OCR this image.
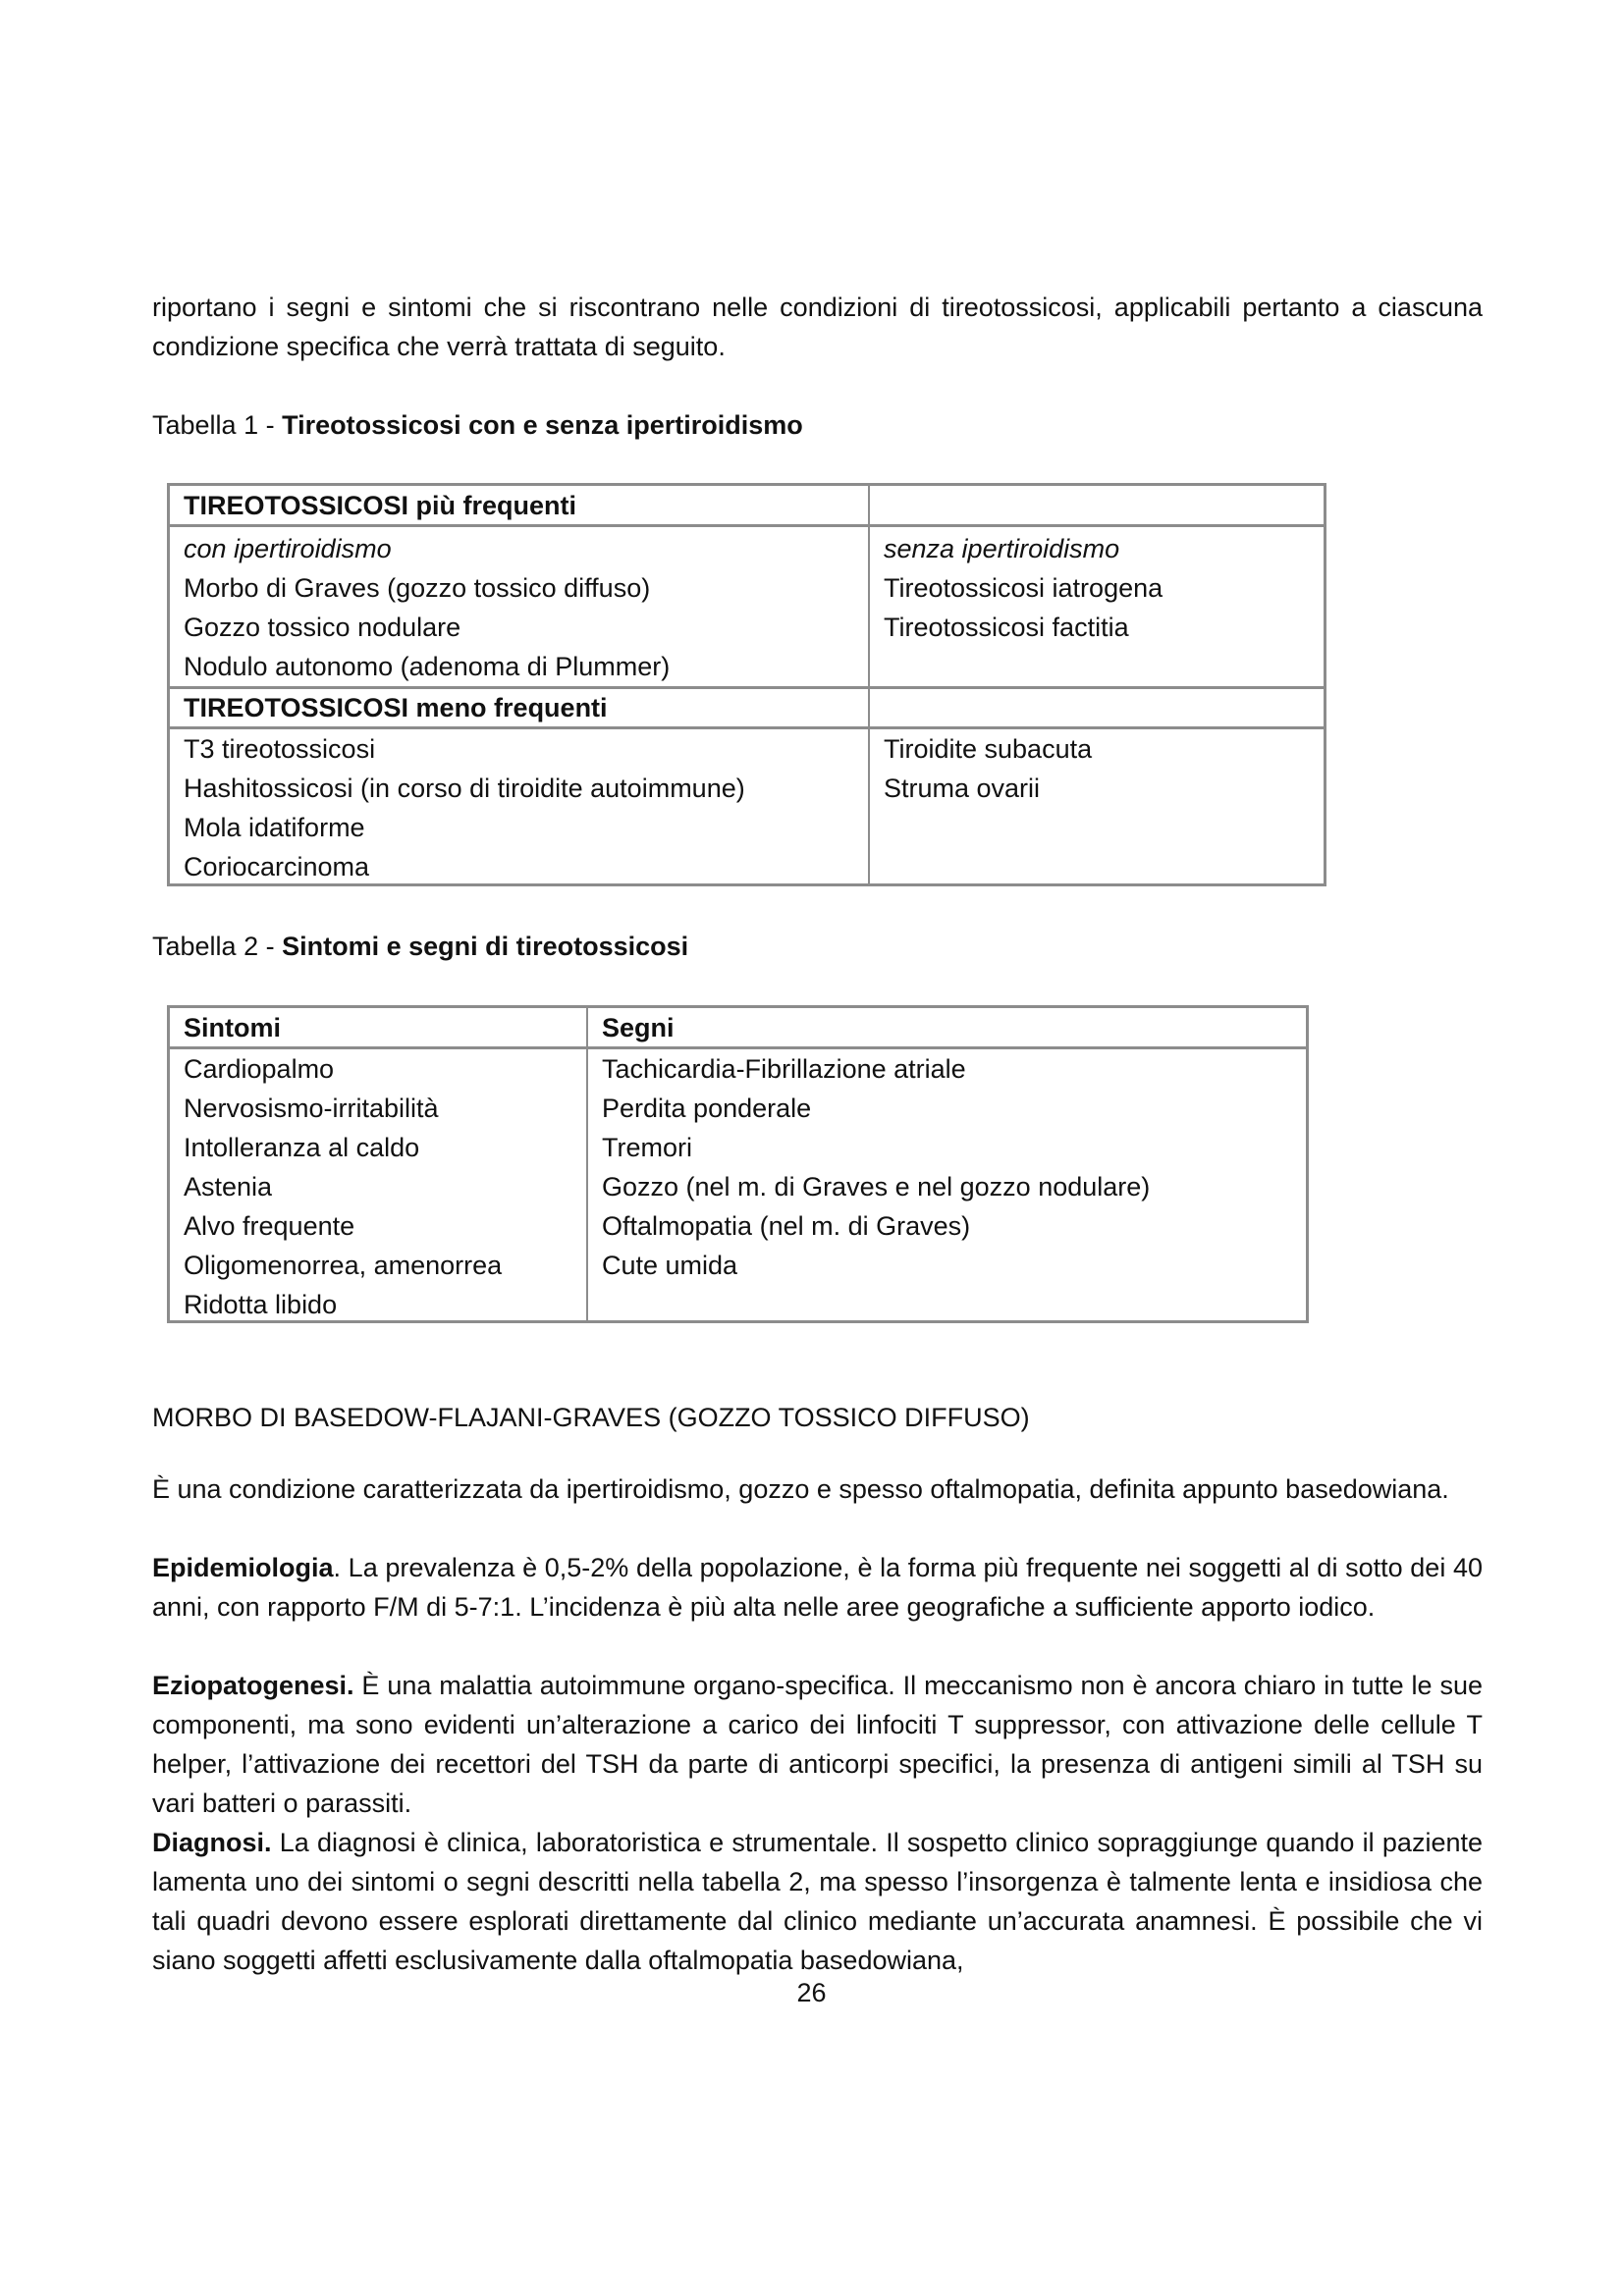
riportano i segni e sintomi che si riscontrano nelle condizioni di tireotossicosi, applicabili pertanto a ciascuna condizione specifica che verrà trattata di seguito.

Tabella 1 - Tireotossicosi con e senza ipertiroidismo

TIREOTOSSICOSI più frequenti
con ipertiroidismo
Morbo di Graves (gozzo tossico diffuso)
Gozzo tossico nodulare
Nodulo autonomo (adenoma di Plummer)
senza ipertiroidismo
Tireotossicosi iatrogena
Tireotossicosi factitia
TIREOTOSSICOSI meno frequenti
T3 tireotossicosi
Hashitossicosi (in corso di tiroidite autoimmune)
Mola idatiforme
Coriocarcinoma
Tiroidite subacuta
Struma ovarii

Tabella 2 - Sintomi e segni di tireotossicosi

Sintomi	Segni
Cardiopalmo
Nervosismo-irritabilità
Intolleranza al caldo
Astenia
Alvo frequente
Oligomenorrea, amenorrea
Ridotta libido
Tachicardia-Fibrillazione atriale
Perdita ponderale
Tremori
Gozzo (nel m. di Graves e nel gozzo nodulare)
Oftalmopatia (nel m. di Graves)
Cute umida

MORBO DI BASEDOW-FLAJANI-GRAVES (GOZZO TOSSICO DIFFUSO)

È una condizione caratterizzata da ipertiroidismo, gozzo e spesso oftalmopatia, definita appunto basedowiana.

Epidemiologia. La prevalenza è 0,5-2% della popolazione, è la forma più frequente nei soggetti al di sotto dei 40 anni, con rapporto F/M di 5-7:1. L’incidenza è più alta nelle aree geografiche a sufficiente apporto iodico.

Eziopatogenesi. È una malattia autoimmune organo-specifica. Il meccanismo non è ancora chiaro in tutte le sue componenti, ma sono evidenti un’alterazione a carico dei linfociti T suppressor, con attivazione delle cellule T helper, l’attivazione dei recettori del TSH da parte di anticorpi specifici, la presenza di antigeni simili al TSH su vari batteri o parassiti.

Diagnosi. La diagnosi è clinica, laboratoristica e strumentale. Il sospetto clinico sopraggiunge quando il paziente lamenta uno dei sintomi o segni descritti nella tabella 2, ma spesso l’insorgenza è talmente lenta e insidiosa che tali quadri devono essere esplorati direttamente dal clinico mediante un’accurata anamnesi. È possibile che vi siano soggetti affetti esclusivamente dalla oftalmopatia basedowiana,

26
